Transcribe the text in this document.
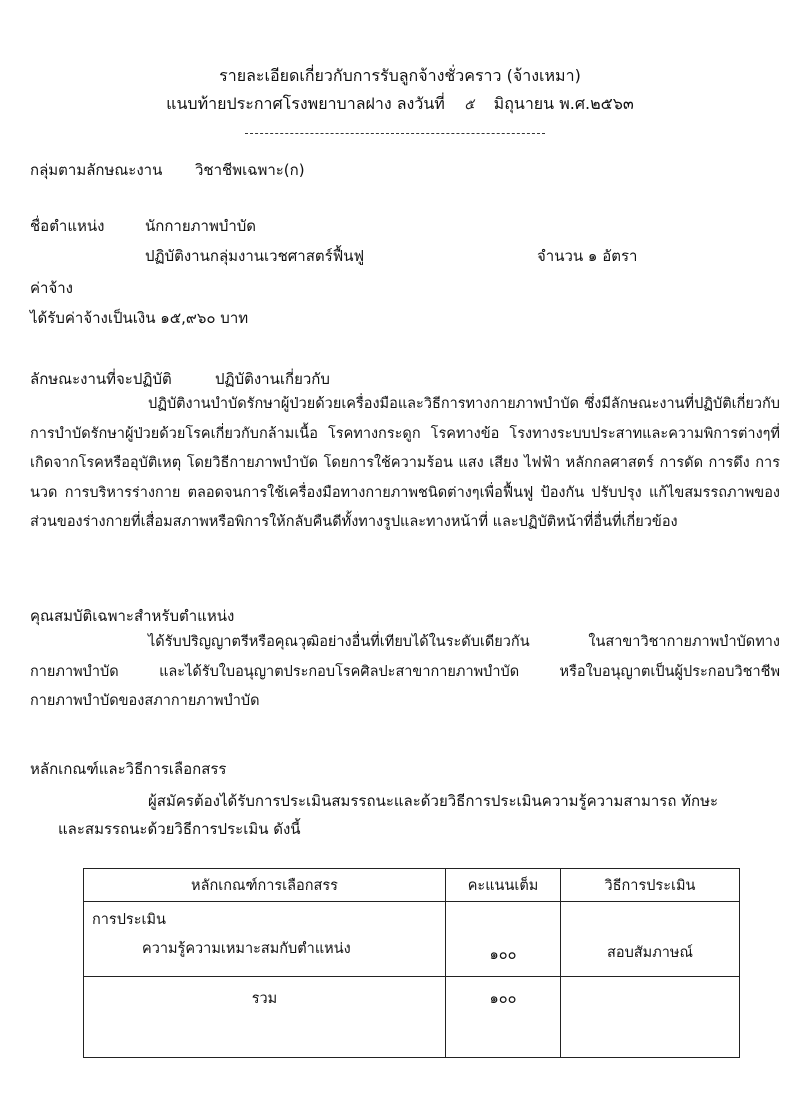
รายละเอียดเกี่ยวกับการรับลูกจ้างชั่วคราว (จ้างเหมา)
แนบท้ายประกาศโรงพยาบาลฝาง ลงวันที่ ๕ มิถุนายน พ.ศ.๒๕๖๓
กลุ่มตามลักษณะงาน วิชาชีพเฉพาะ(ก)
ชื่อตำแหน่ง	นักกายภาพบำบัด
ปฏิบัติงานกลุ่มงานเวชศาสตร์ฟื้นฟู	จำนวน ๑ อัตรา
ค่าจ้าง
ได้รับค่าจ้างเป็นเงิน ๑๕,๙๖๐ บาท
ลักษณะงานที่จะปฏิบัติ	ปฏิบัติงานเกี่ยวกับ
ปฏิบัติงานบำบัดรักษาผู้ป่วยด้วยเครื่องมือและวิธีการทางกายภาพบำบัด ซึ่งมีลักษณะงานที่ปฏิบัติเกี่ยวกับการบำบัดรักษาผู้ป่วยด้วยโรคเกี่ยวกับกล้ามเนื้อ โรคทางกระดูก โรคทางข้อ โรงทางระบบประสาทและความพิการต่างๆที่เกิดจากโรคหรืออุบัติเหตุ โดยวิธีกายภาพบำบัด โดยการใช้ความร้อน แสง เสียง ไฟฟ้า หลักกลศาสตร์ การดัด การดึง การนวด การบริหารร่างกาย ตลอดจนการใช้เครื่องมือทางกายภาพชนิดต่างๆเพื่อฟื้นฟู ป้องกัน ปรับปรุง แก้ไขสมรรถภาพของส่วนของร่างกายที่เสื่อมสภาพหรือพิการให้กลับคืนดีทั้งทางรูปและทางหน้าที่ และปฏิบัติหน้าที่อื่นที่เกี่ยวข้อง
คุณสมบัติเฉพาะสำหรับตำแหน่ง
ได้รับปริญญาตรีหรือคุณวุฒิอย่างอื่นที่เทียบได้ในระดับเดียวกัน ในสาขาวิชากายภาพบำบัดทางกายภาพบำบัด และได้รับใบอนุญาตประกอบโรคศิลปะสาขากายภาพบำบัด หรือใบอนุญาตเป็นผู้ประกอบวิชาชีพกายภาพบำบัดของสภากายภาพบำบัด
หลักเกณฑ์และวิธีการเลือกสรร
ผู้สมัครต้องได้รับการประเมินสมรรถนะและด้วยวิธีการประเมินความรู้ความสามารถ ทักษะ
และสมรรถนะด้วยวิธีการประเมิน ดังนี้
หลักเกณฑ์การเลือกสรร	คะแนนเต็ม	วิธีการประเมิน

การประเมิน
ความรู้ความเหมาะสมกับตำแหน่ง	๑๐๐	สอบสัมภาษณ์
รวม	๑๐๐	
